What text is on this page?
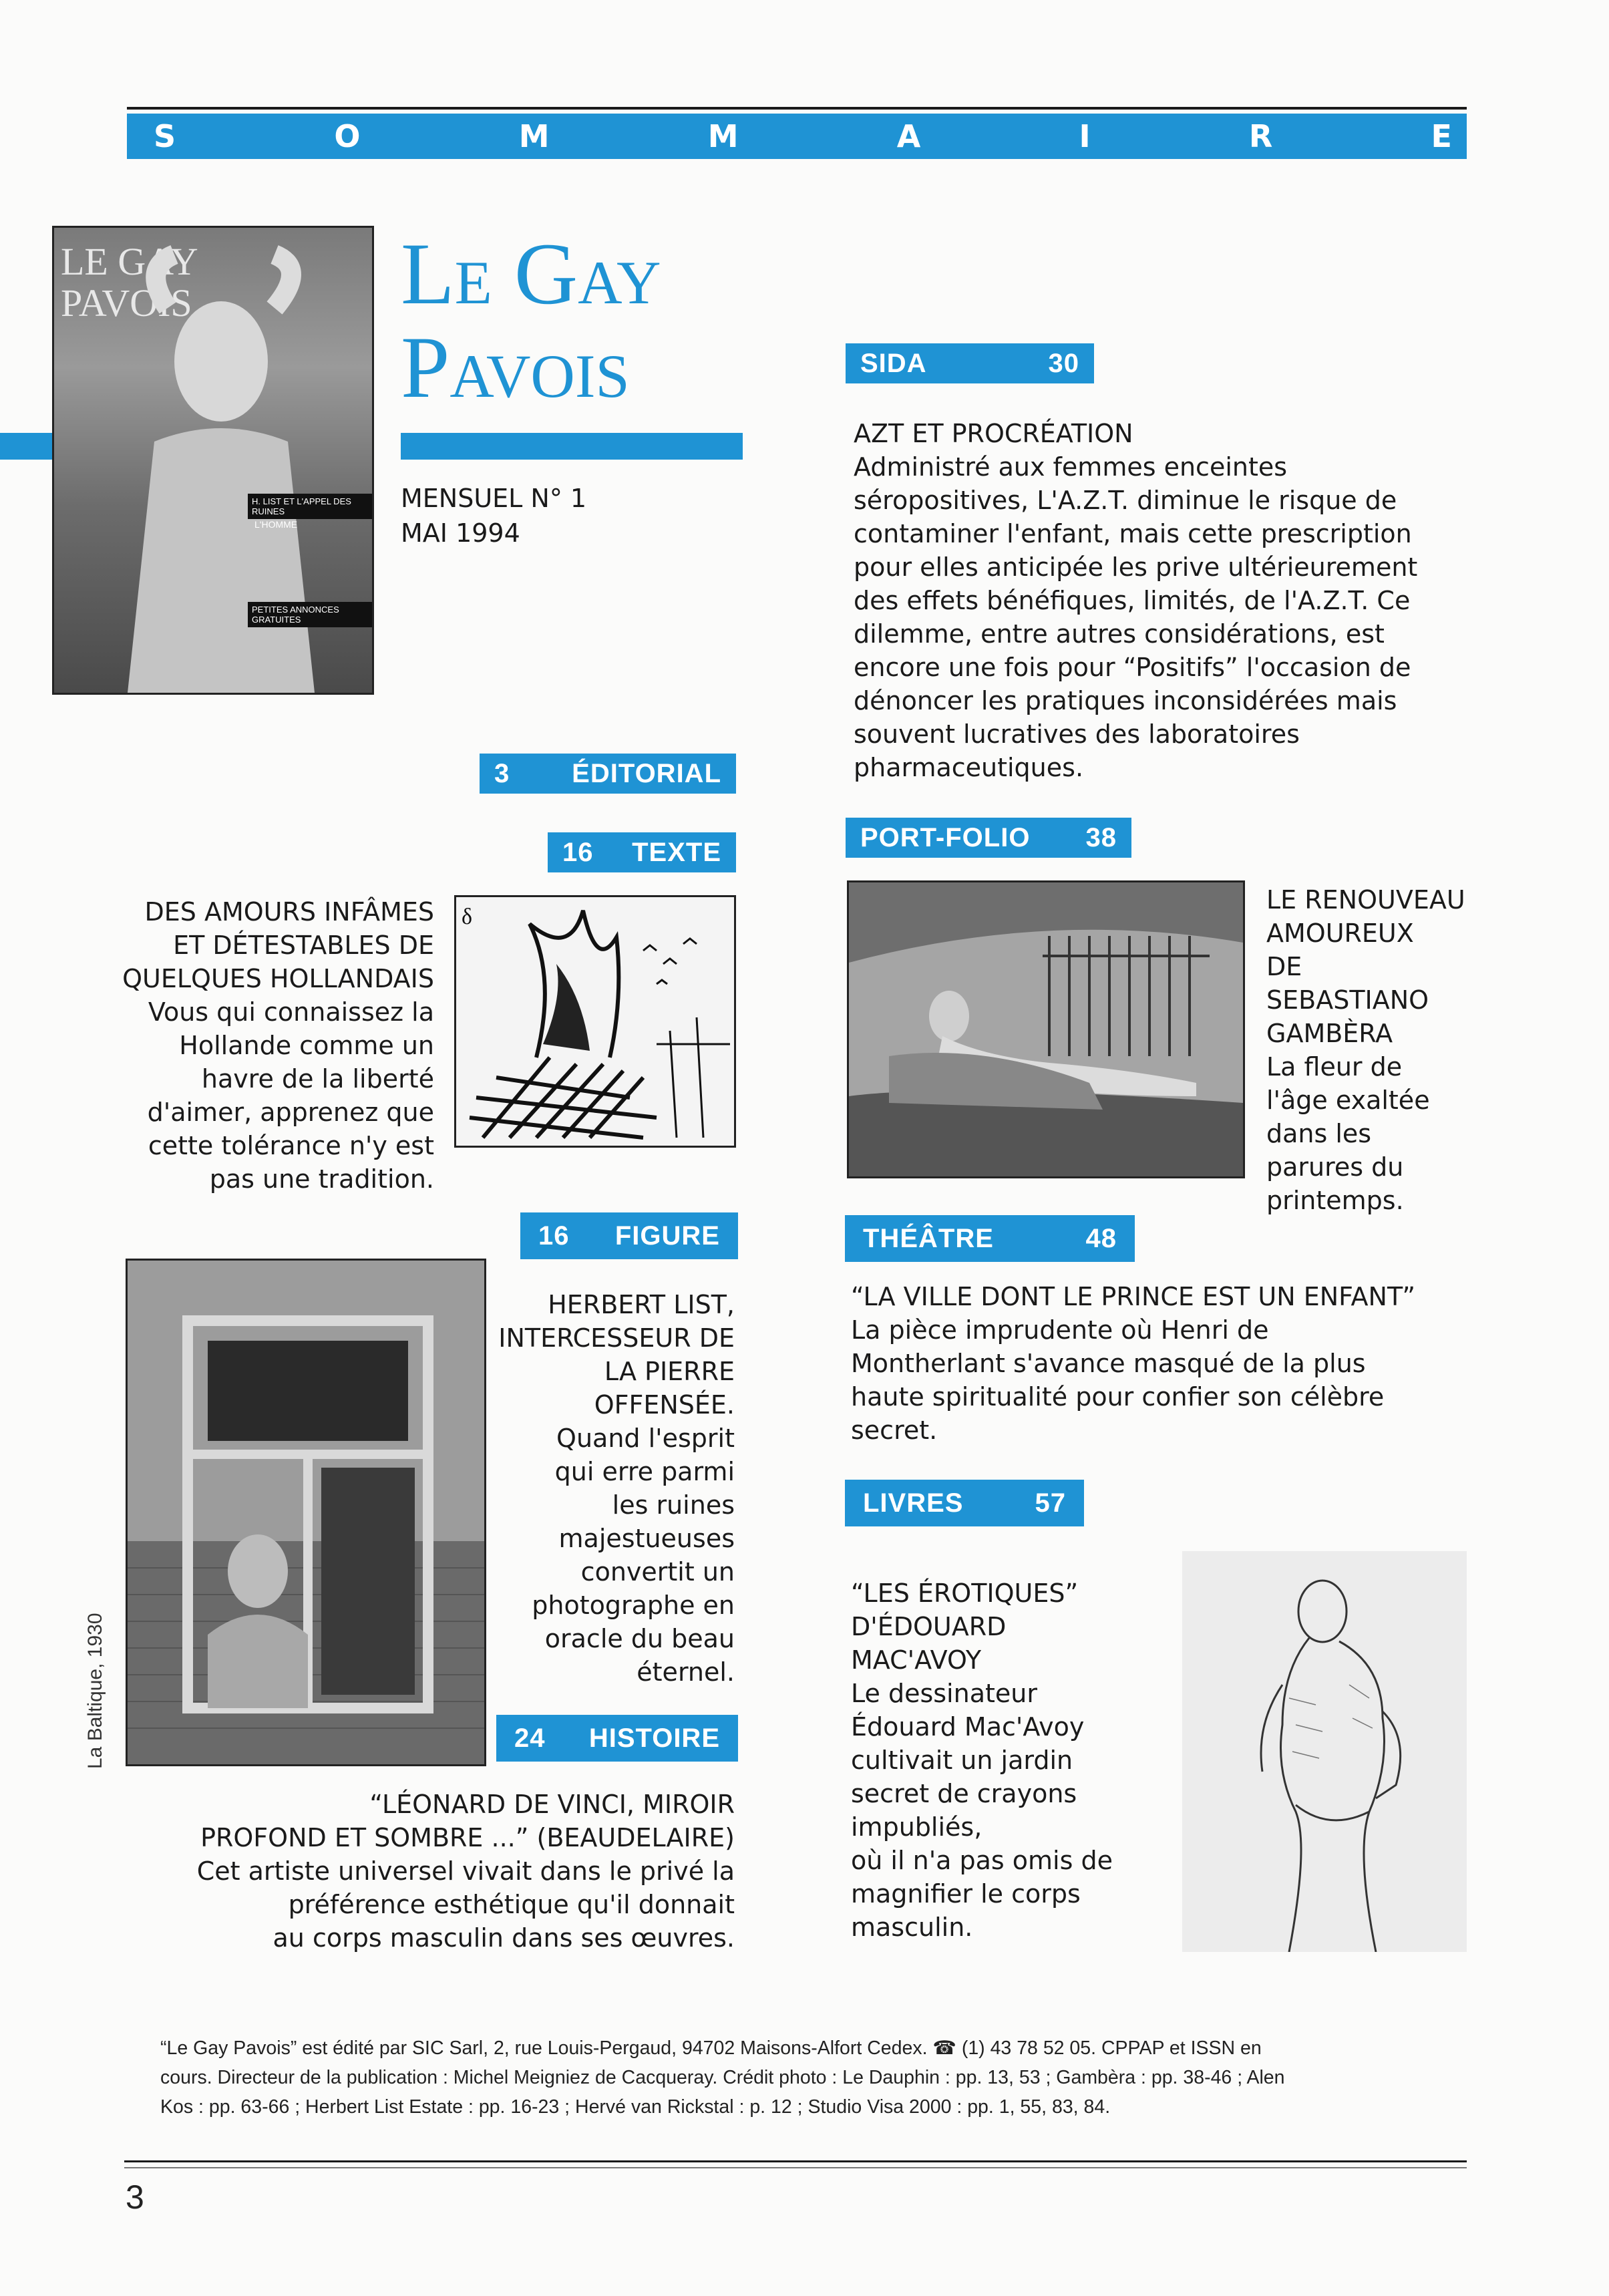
S	O	M	M	A	I	R	E
LE GAY
PAVOIS
H. LIST ET L'APPEL DES RUINES
L'HOMME
PETITES ANNONCES GRATUITES
Le Gay
Pavois
MENSUEL N° 1
MAI 1994
3 ÉDITORIAL
16 TEXTE
DES AMOURS INFÂMES
ET DÉTESTABLES DE
QUELQUES HOLLANDAIS
Vous qui connaissez la
Hollande comme un
havre de la liberté
d'aimer, apprenez que
cette tolérance n'y est
pas une tradition.
δ
16 FIGURE
La Baltique, 1930
HERBERT LIST,
INTERCESSEUR DE
LA PIERRE
OFFENSÉE.
Quand l'esprit
qui erre parmi
les ruines
majestueuses
convertit un
photographe en
oracle du beau
éternel.
24 HISTOIRE
“LÉONARD DE VINCI, MIROIR
PROFOND ET SOMBRE ...” (BEAUDELAIRE)
Cet artiste universel vivait dans le privé la
préférence esthétique qu'il donnait
au corps masculin dans ses œuvres.
SIDA	30
AZT ET PROCRÉATION
Administré aux femmes enceintes
séropositives, L'A.Z.T. diminue le risque de
contaminer l'enfant, mais cette prescription
pour elles anticipée les prive ultérieurement
des effets bénéfiques, limités, de l'A.Z.T. Ce
dilemme, entre autres considérations, est
encore une fois pour “Positifs” l'occasion de
dénoncer les pratiques inconsidérées mais
souvent lucratives des laboratoires
pharmaceutiques.
PORT-FOLIO 38
LE RENOUVEAU
AMOUREUX
DE SEBASTIANO
GAMBÈRA
La fleur de
l'âge exaltée
dans les
parures du
printemps.
THÉÂTRE	48
“LA VILLE DONT LE PRINCE EST UN ENFANT”
La pièce imprudente où Henri de
Montherlant s'avance masqué de la plus
haute spiritualité pour confier son célèbre
secret.
LIVRES	57
“LES ÉROTIQUES”
D'ÉDOUARD
MAC'AVOY
Le dessinateur
Édouard Mac'Avoy
cultivait un jardin
secret de crayons
impubliés,
où il n'a pas omis de
magnifier le corps
masculin.
“Le Gay Pavois” est édité par SIC Sarl, 2, rue Louis-Pergaud, 94702 Maisons-Alfort Cedex. ☎ (1) 43 78 52 05. CPPAP et ISSN en
cours. Directeur de la publication : Michel Meigniez de Cacqueray. Crédit photo : Le Dauphin : pp. 13, 53 ; Gambèra : pp. 38-46 ; Alen
Kos : pp. 63-66 ; Herbert List Estate : pp. 16-23 ; Hervé van Rickstal : p. 12 ; Studio Visa 2000 : pp. 1, 55, 83, 84.
3
